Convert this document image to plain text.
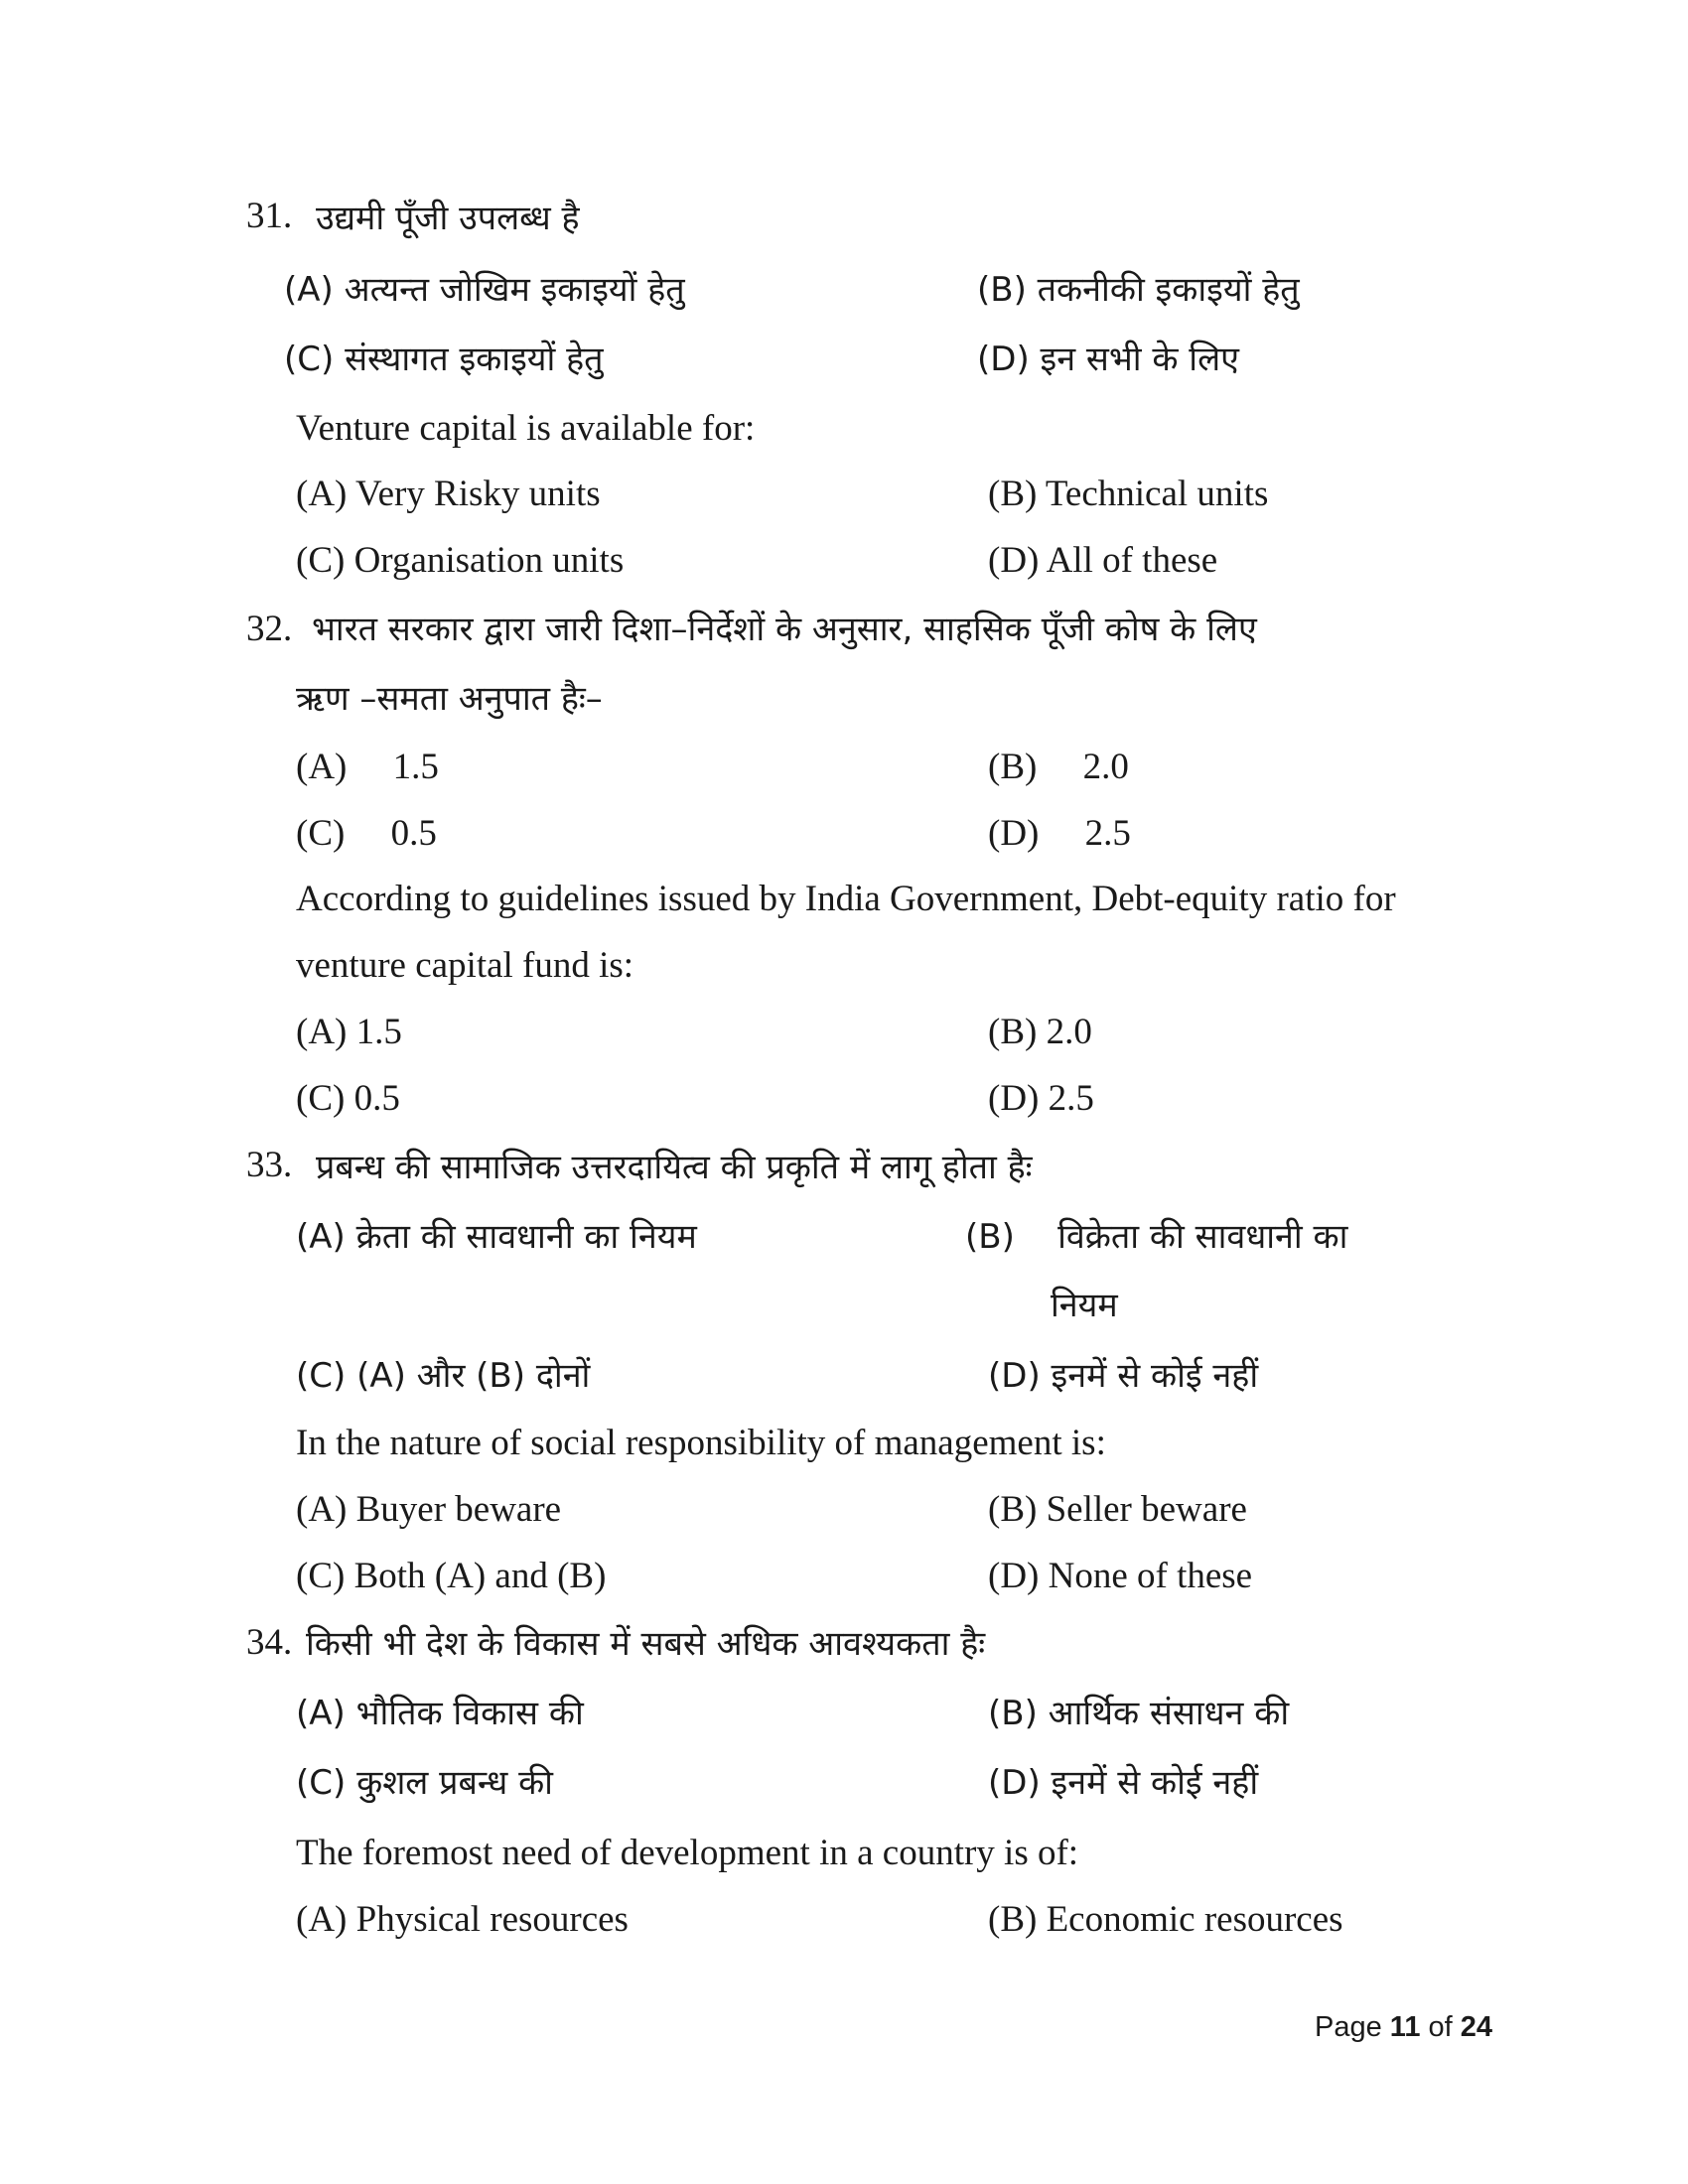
31. उद्यमी पूँजी उपलब्ध है
(A) अत्यन्त जोखिम इकाइयों हेतु	(B) तकनीकी इकाइयों हेतु
(C) संस्थागत इकाइयों हेतु	(D) इन सभी के लिए
Venture capital is available for:
(A) Very Risky units	(B) Technical units
(C) Organisation units	(D) All of these
32. भारत सरकार द्वारा जारी दिशा–निर्देशों के अनुसार, साहसिक पूँजी कोष के लिए
ऋण –समता अनुपात हैः–
(A)     1.5	(B)     2.0
(C)     0.5	(D)     2.5
According to guidelines issued by India Government, Debt-equity ratio for
venture capital fund is:
(A) 1.5	(B) 2.0
(C) 0.5	(D) 2.5
33. प्रबन्ध की सामाजिक उत्तरदायित्व की प्रकृति में लागू होता हैः
(A) क्रेता की सावधानी का नियम	(B)    विक्रेता की सावधानी का
नियम
(C) (A) और (B) दोनों	(D) इनमें से कोई नहीं
In the nature of social responsibility of management is:
(A) Buyer beware	(B) Seller beware
(C) Both (A) and (B)	(D) None of these
34. किसी भी देश के विकास में सबसे अधिक आवश्यकता हैः
(A) भौतिक विकास की	(B) आर्थिक संसाधन की
(C) कुशल प्रबन्ध की	(D) इनमें से कोई नहीं
The foremost need of development in a country is of:
(A) Physical resources	(B) Economic resources
Page 11 of 24
